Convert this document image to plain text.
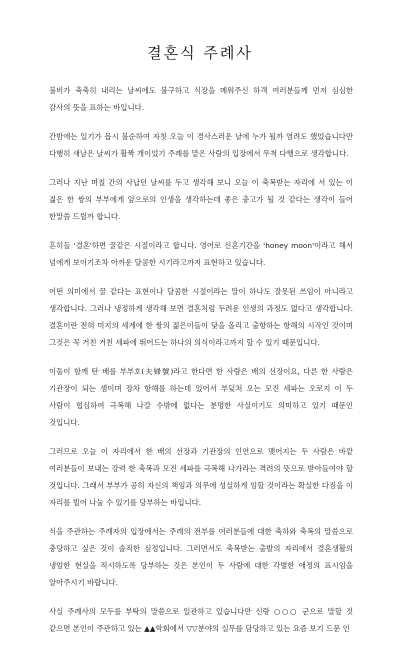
결혼식 주례사

불비가 축축히 내리는 날씨에도 불구하고 식장을 메워주신 하객 여러분들께 먼저 심심한 감사의 뜻을 표하는 바입니다.

간밤에는 일기가 몹시 불순하여 자칫 오늘 이 경사스러운 날에 누가 될까 염려도 했었습니다만 다행히 새날은 날씨가 활짝 개이었기 주례를 맡은 사람의 입장에서 무척 다행으로 생각합니다.

그러나 지난 며칠 간의 사납던 날씨를 두고 생각해 보니 오늘 이 축복받는 자리에 서 있는 이 젊은 한 쌍의 부부에게 앞으로의 인생을 생각하는데 좋은 충고가 될 것 같다는 생각이 들어 한말씀 드릴까 합니다.

흔히들 '결혼'하면 꿀같은 시절이라고 합니다. 영어로 신혼기간을 'honey moon'이라고 해서 넘에게 보이기조차 아까운 달콤한 시기라고까지 표현하고 있습니다.

어떤 의미에서 꿀 같다는 표현이나 달콤한 시절이라는 말이 하나도 잘못된 쓰임이 아니라고 생각합니다. 그러나 냉정하게 생각해 보면 결혼처럼 두려운 인생의 과정도 없다고 생각합니다. 결혼이란 전혀 미지의 세계에 한 쌍의 젊은이들이 닻을 올리고 출항하는 항해의 시작인 것이며 그것은 꼭 거친 거친 세파에 뛰어드는 하나의 의식이라고까지 할 수 있기 때문입니다.

이둘이 함께 탄 배를 부부호(夫婦號)라고 한다면 한 사람은 배의 선장이요, 다른 한 사람은 기관장이 되는 셈이며 장차 항해를 하는데 있어서 부딪쳐 오는 모진 세파는 오로지 이 두 사람이 협심하여 극복해 나갈 수밖에 없다는 분명한 사실이기도 의미하고 있기 때문인 것입니다.

그러므로 오늘 이 자리에서 한 배의 선장과 기관장의 인연으로 맺어지는 두 사람은 바깥 여러분들이 보내는 강력 한 축복과 모진 세파를 극복해 나가라는 격려의 뜻으로 받아들여야 할 것입니다. 그래서 부부가 공히 자신의 책임과 의무에 성실하게 임할 것이라는 확실한 다짐을 이 자리를 빌어 나눌 수 있기를 당부하는 바입니다.

식을 주관하는 주례자의 입장에서는 주례의 전부를 여러분들에 대한 축하와 축복의 말씀으로 충당하고 싶은 것이 솔직한 심정입니다. 그러면서도 축복받는 출발의 자리에서 결혼생활의 냉엄한 현실을 직시하도록 당부하는 것은 본인이 두 사람에 대한 각별한 애정의 표시임을 알아주시기 바랍니다.

사실 주례사의 모두를 부탁의 말씀으로 일관하고 있습니다만 신랑 ○○○ 군으로 말할 것 같으면 본인이 주관하고 있는 ▲▲학회에서 ▽▽분야의 실무를 담당하고 있는 요즘 보기 드문 인
